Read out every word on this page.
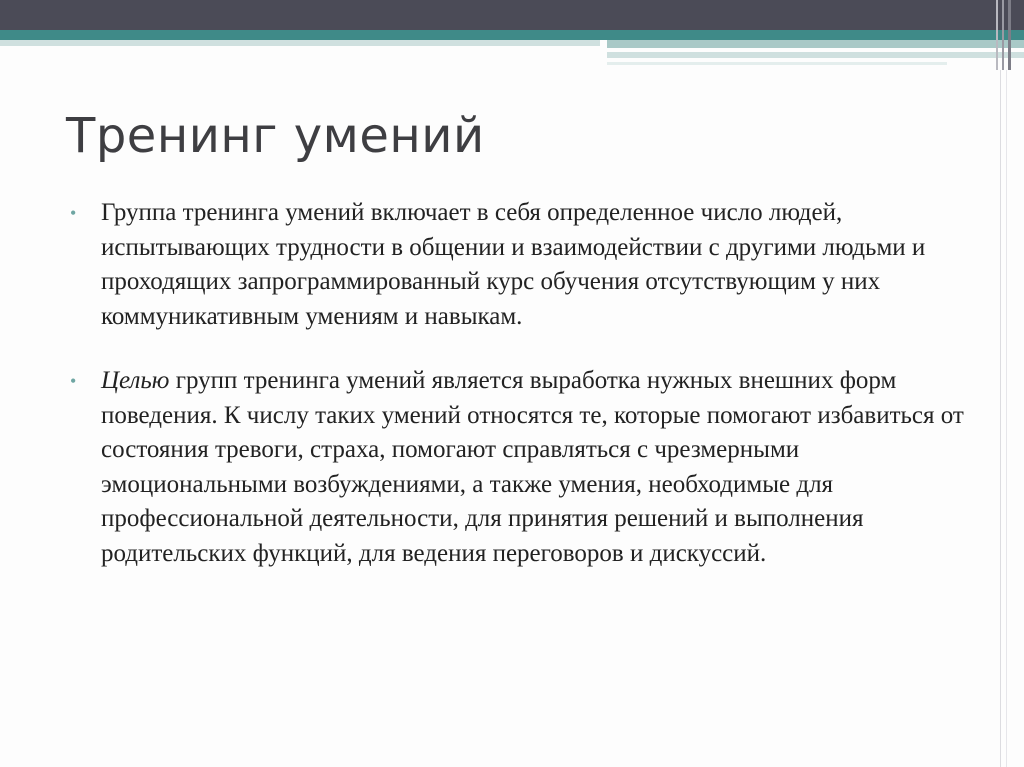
Тренинг умений
• Группа тренинга умений включает в себя определенное число людей, испытывающих трудности в общении и взаимодействии с другими людьми и проходящих запрограммированный курс обучения отсутствующим у них коммуникативным умениям и навыкам.
• Целью групп тренинга умений является выработка нужных внешних форм поведения. К числу таких умений относятся те, которые помогают избавиться от состояния тревоги, страха, помогают справляться с чрезмерными эмоциональными возбуждениями, а также умения, необходимые для профессиональной деятельности, для принятия решений и выполнения родительских функций, для ведения переговоров и дискуссий.
